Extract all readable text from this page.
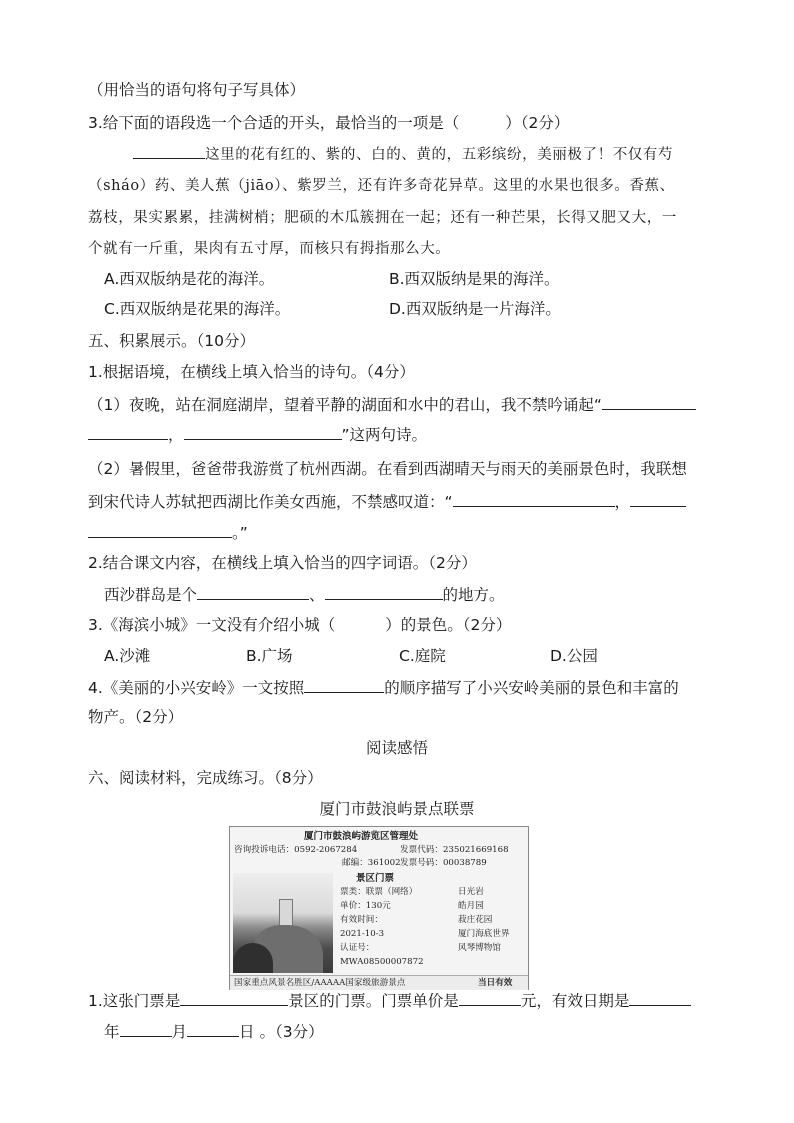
（用恰当的语句将句子写具体）
3.给下面的语段选一个合适的开头，最恰当的一项是（	）（2分）
这里的花有红的、紫的、白的、黄的，五彩缤纷，美丽极了！不仅有芍
（sháo）药、美人蕉（jiāo）、紫罗兰，还有许多奇花异草。这里的水果也很多。香蕉、
荔枝，果实累累，挂满树梢；肥硕的木瓜簇拥在一起；还有一种芒果，长得又肥又大，一
个就有一斤重，果肉有五寸厚，而核只有拇指那么大。
A.西双版纳是花的海洋。	B.西双版纳是果的海洋。
C.西双版纳是花果的海洋。	D.西双版纳是一片海洋。
五、积累展示。（10分）
1.根据语境，在横线上填入恰当的诗句。（4分）
（1）夜晚，站在洞庭湖岸，望着平静的湖面和水中的君山，我不禁吟诵起“
，	”这两句诗。
（2）暑假里，爸爸带我游赏了杭州西湖。在看到西湖晴天与雨天的美丽景色时，我联想
到宋代诗人苏轼把西湖比作美女西施，不禁感叹道：“	，
。”
2.结合课文内容，在横线上填入恰当的四字词语。（2分）
西沙群岛是个	、	的地方。
3.《海滨小城》一文没有介绍小城（	）的景色。（2分）
A.沙滩	B.广场	C.庭院	D.公园
4.《美丽的小兴安岭》一文按照	的顺序描写了小兴安岭美丽的景色和丰富的
物产。（2分）
阅读感悟
六、阅读材料，完成练习。（8分）
厦门市鼓浪屿景点联票
厦门市鼓浪屿游览区管理处
咨询投诉电话：0592-2067284	发票代码：235021669168
邮编：361002 发票号码：00038789
景区门票
票类：联票（网络）
单价：130元
有效时间：
2021-10-3
认证号：
MWA08500007872
日光岩
皓月园
菽庄花园
厦门海底世界
风琴博物馆
国家重点风景名胜区/AAAAA国家级旅游景点	当日有效
1.这张门票是	景区的门票。门票单价是	元，有效日期是
年	月	日 。（3分）
